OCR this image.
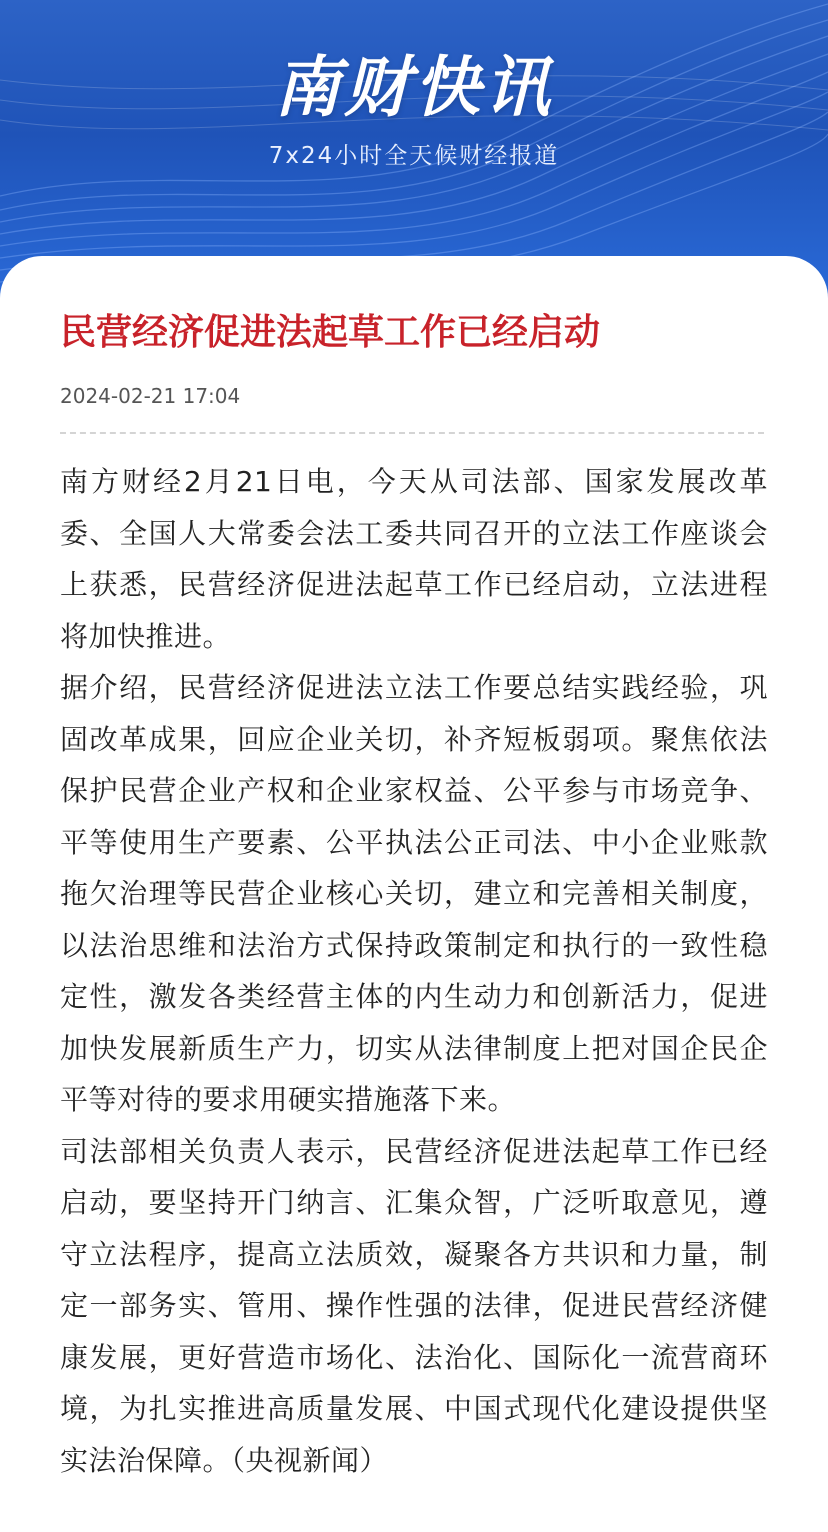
南财快讯
7x24小时全天候财经报道
民营经济促进法起草工作已经启动
2024-02-21 17:04

南方财经2月21日电，今天从司法部、国家发展改革委、全国人大常委会法工委共同召开的立法工作座谈会上获悉，民营经济促进法起草工作已经启动，立法进程将加快推进。

据介绍，民营经济促进法立法工作要总结实践经验，巩固改革成果，回应企业关切，补齐短板弱项。聚焦依法保护民营企业产权和企业家权益、公平参与市场竞争、平等使用生产要素、公平执法公正司法、中小企业账款拖欠治理等民营企业核心关切，建立和完善相关制度，以法治思维和法治方式保持政策制定和执行的一致性稳定性，激发各类经营主体的内生动力和创新活力，促进加快发展新质生产力，切实从法律制度上把对国企民企平等对待的要求用硬实措施落下来。

司法部相关负责人表示，民营经济促进法起草工作已经启动，要坚持开门纳言、汇集众智，广泛听取意见，遵守立法程序，提高立法质效，凝聚各方共识和力量，制定一部务实、管用、操作性强的法律，促进民营经济健康发展，更好营造市场化、法治化、国际化一流营商环境，为扎实推进高质量发展、中国式现代化建设提供坚实法治保障。（央视新闻）
